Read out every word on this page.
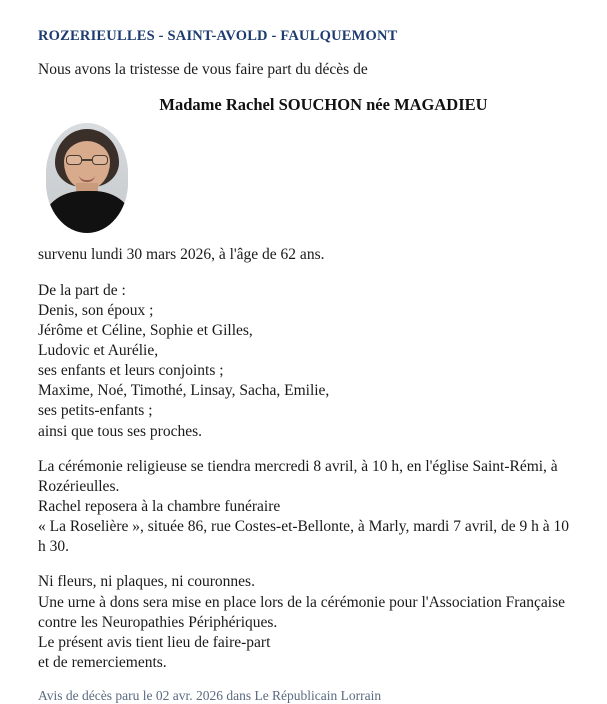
ROZERIEULLES - SAINT-AVOLD - FAULQUEMONT

Nous avons la tristesse de vous faire part du décès de

Madame Rachel SOUCHON née MAGADIEU

survenu lundi 30 mars 2026, à l'âge de 62 ans.

De la part de :
Denis, son époux ;
Jérôme et Céline, Sophie et Gilles,
Ludovic et Aurélie,
ses enfants et leurs conjoints ;
Maxime, Noé, Timothé, Linsay, Sacha, Emilie,
ses petits-enfants ;
ainsi que tous ses proches.

La cérémonie religieuse se tiendra mercredi 8 avril, à 10 h, en l'église Saint-Rémi, à Rozérieulles.
Rachel reposera à la chambre funéraire
« La Roselière », située 86, rue Costes-et-Bellonte, à Marly, mardi 7 avril, de 9 h à 10 h 30.

Ni fleurs, ni plaques, ni couronnes.
Une urne à dons sera mise en place lors de la cérémonie pour l'Association Française contre les Neuropathies Périphériques.
Le présent avis tient lieu de faire-part
et de remerciements.

Avis de décès paru le 02 avr. 2026 dans Le Républicain Lorrain
